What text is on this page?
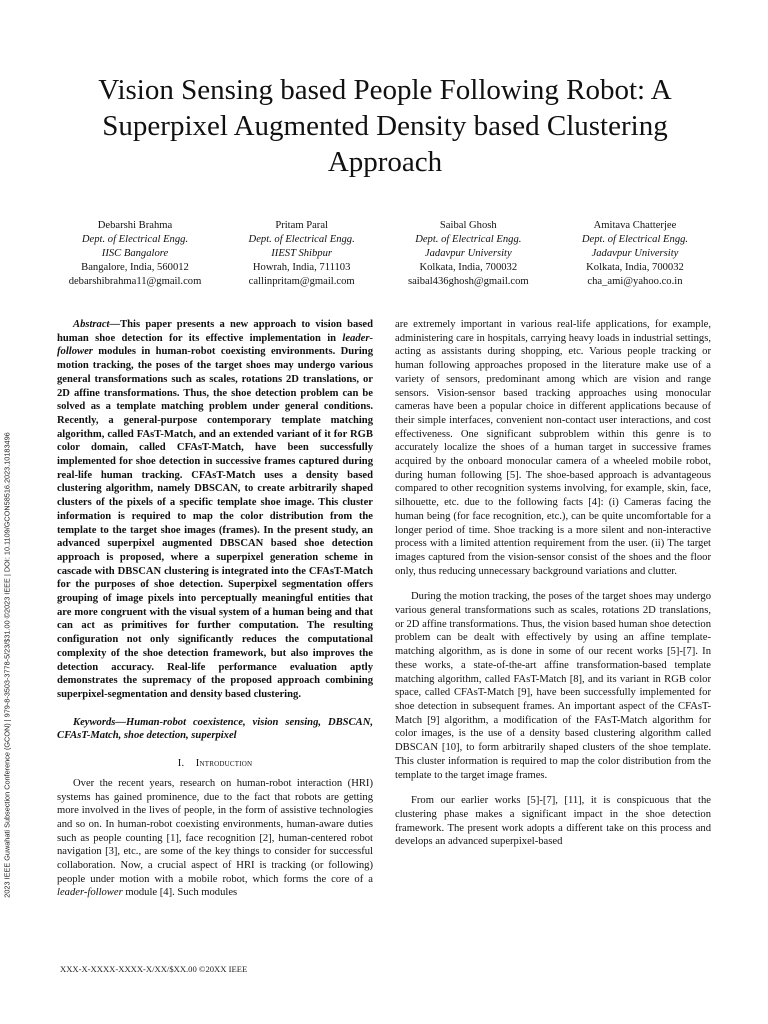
2023 IEEE Guwahati Subsection Conference (GCON) | 979-8-3503-3778-5/23/$31.00 ©2023 IEEE | DOI: 10.1109/GCON58516.2023.10183496
Vision Sensing based People Following Robot: A Superpixel Augmented Density based Clustering Approach
Debarshi Brahma
Dept. of Electrical Engg.
IISC Bangalore
Bangalore, India, 560012
debarshibrahma11@gmail.com
Pritam Paral
Dept. of Electrical Engg.
IIEST Shibpur
Howrah, India, 711103
callinpritam@gmail.com
Saibal Ghosh
Dept. of Electrical Engg.
Jadavpur University
Kolkata, India, 700032
saibal436ghosh@gmail.com
Amitava Chatterjee
Dept. of Electrical Engg.
Jadavpur University
Kolkata, India, 700032
cha_ami@yahoo.co.in

Abstract—This paper presents a new approach to vision based human shoe detection for its effective implementation in leader-follower modules in human-robot coexisting environments. During motion tracking, the poses of the target shoes may undergo various general transformations such as scales, rotations 2D translations, or 2D affine transformations. Thus, the shoe detection problem can be solved as a template matching problem under general conditions. Recently, a general-purpose contemporary template matching algorithm, called FAsT-Match, and an extended variant of it for RGB color domain, called CFAsT-Match, have been successfully implemented for shoe detection in successive frames captured during real-life human tracking. CFAsT-Match uses a density based clustering algorithm, namely DBSCAN, to create arbitrarily shaped clusters of the pixels of a specific template shoe image. This cluster information is required to map the color distribution from the template to the target shoe images (frames). In the present study, an advanced superpixel augmented DBSCAN based shoe detection approach is proposed, where a superpixel generation scheme in cascade with DBSCAN clustering is integrated into the CFAsT-Match for the purposes of shoe detection. Superpixel segmentation offers grouping of image pixels into perceptually meaningful entities that are more congruent with the visual system of a human being and that can act as primitives for further computation. The resulting configuration not only significantly reduces the computational complexity of the shoe detection framework, but also improves the detection accuracy. Real-life performance evaluation aptly demonstrates the supremacy of the proposed approach combining superpixel-segmentation and density based clustering.

Keywords—Human-robot coexistence, vision sensing, DBSCAN, CFAsT-Match, shoe detection, superpixel

I. Introduction

Over the recent years, research on human-robot interaction (HRI) systems has gained prominence, due to the fact that robots are getting more involved in the lives of people, in the form of assistive technologies and so on. In human-robot coexisting environments, human-aware duties such as people counting [1], face recognition [2], human-centered robot navigation [3], etc., are some of the key things to consider for successful collaboration. Now, a crucial aspect of HRI is tracking (or following) people under motion with a mobile robot, which forms the core of a leader-follower module [4]. Such modules

are extremely important in various real-life applications, for example, administering care in hospitals, carrying heavy loads in industrial settings, acting as assistants during shopping, etc. Various people tracking or human following approaches proposed in the literature make use of a variety of sensors, predominant among which are vision and range sensors. Vision-sensor based tracking approaches using monocular cameras have been a popular choice in different applications because of their simple interfaces, convenient non-contact user interactions, and cost effectiveness. One significant subproblem within this genre is to accurately localize the shoes of a human target in successive frames acquired by the onboard monocular camera of a wheeled mobile robot, during human following [5]. The shoe-based approach is advantageous compared to other recognition systems involving, for example, skin, face, silhouette, etc. due to the following facts [4]: (i) Cameras facing the human being (for face recognition, etc.), can be quite uncomfortable for a longer period of time. Shoe tracking is a more silent and non-interactive process with a limited attention requirement from the user. (ii) The target images captured from the vision-sensor consist of the shoes and the floor only, thus reducing unnecessary background variations and clutter.

During the motion tracking, the poses of the target shoes may undergo various general transformations such as scales, rotations 2D translations, or 2D affine transformations. Thus, the vision based human shoe detection problem can be dealt with effectively by using an affine template-matching algorithm, as is done in some of our recent works [5]-[7]. In these works, a state-of-the-art affine transformation-based template matching algorithm, called FAsT-Match [8], and its variant in RGB color space, called CFAsT-Match [9], have been successfully implemented for shoe detection in subsequent frames. An important aspect of the CFAsT-Match [9] algorithm, a modification of the FAsT-Match algorithm for color images, is the use of a density based clustering algorithm called DBSCAN [10], to form arbitrarily shaped clusters of the shoe template. This cluster information is required to map the color distribution from the template to the target image frames.

From our earlier works [5]-[7], [11], it is conspicuous that the clustering phase makes a significant impact in the shoe detection framework. The present work adopts a different take on this process and develops an advanced superpixel-based

XXX-X-XXXX-XXXX-X/XX/$XX.00 ©20XX IEEE
